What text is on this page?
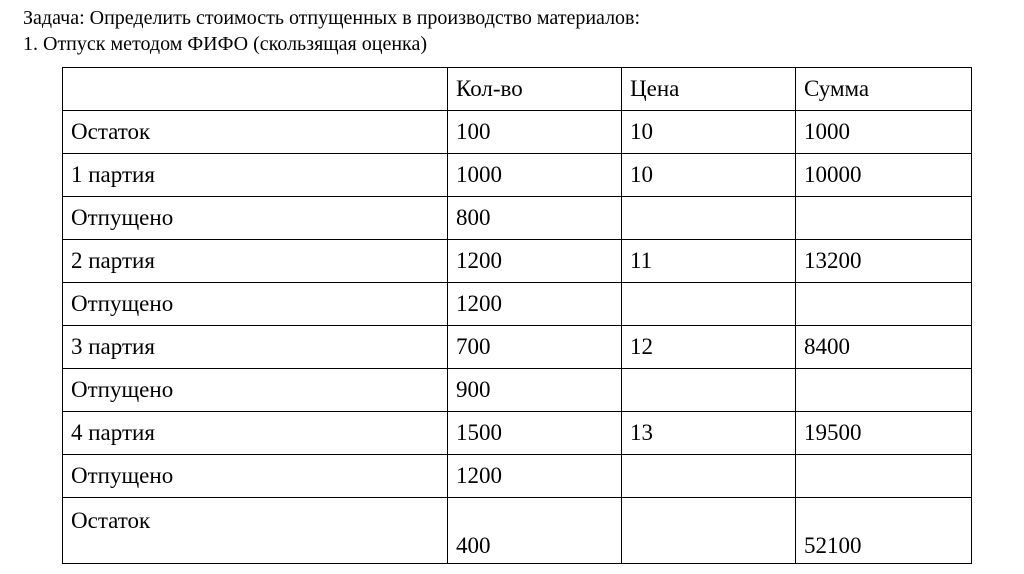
Задача: Определить стоимость отпущенных в производство материалов:
1. Отпуск методом ФИФО (скользящая оценка)
	Кол-во	Цена	Сумма
Остаток	100	10	1000
1 партия	1000	10	10000
Отпущено	800		
2 партия	1200	11	13200
Отпущено	1200		
3 партия	700	12	8400
Отпущено	900		
4 партия	1500	13	19500
Отпущено	1200		
Остаток	400		52100
